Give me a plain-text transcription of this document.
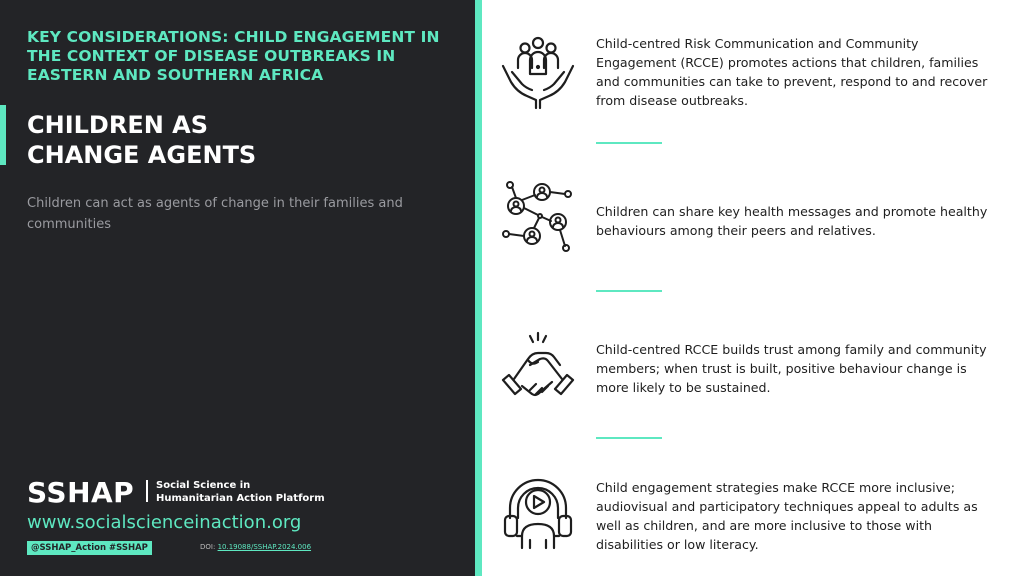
KEY CONSIDERATIONS: CHILD ENGAGEMENT IN THE CONTEXT OF DISEASE OUTBREAKS IN EASTERN AND SOUTHERN AFRICA
CHILDREN AS
CHANGE AGENTS
Children can act as agents of change in their families and communities
SSHAP Social Science in
Humanitarian Action Platform
www.socialscienceinaction.org
@SSHAP_Action #SSHAP	DOI: 10.19088/SSHAP.2024.006
Child-centred Risk Communication and Community Engagement (RCCE) promotes actions that children, families and communities can take to prevent, respond to and recover from disease outbreaks.
Children can share key health messages and promote healthy behaviours among their peers and relatives.
Child-centred RCCE builds trust among family and community members; when trust is built, positive behaviour change is more likely to be sustained.
Child engagement strategies make RCCE more inclusive; audiovisual and participatory techniques appeal to adults as well as children, and are more inclusive to those with disabilities or low literacy.
